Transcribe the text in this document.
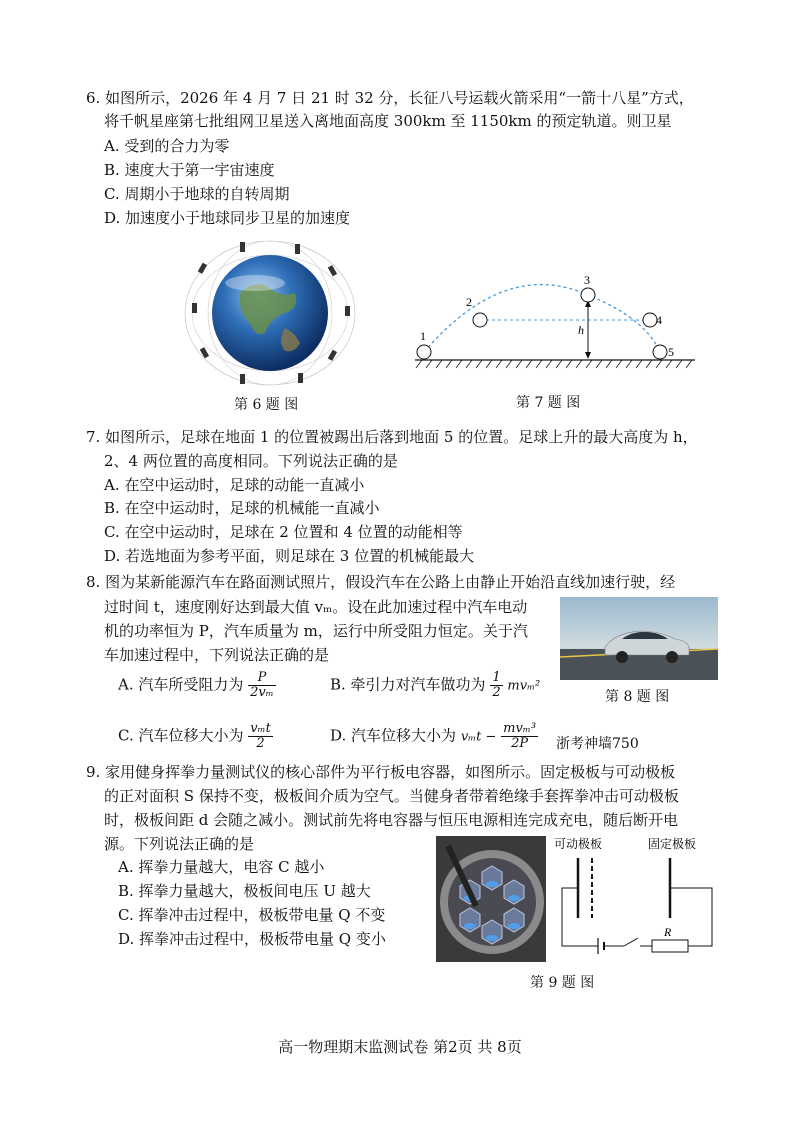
6. 如图所示，2026 年 4 月 7 日 21 时 32 分，长征八号运载火箭采用“一箭十八星”方式，
将千帆星座第七批组网卫星送入离地面高度 300km 至 1150km 的预定轨道。则卫星
A. 受到的合力为零
B. 速度大于第一宇宙速度
C. 周期小于地球的自转周期
D. 加速度小于地球同步卫星的加速度
第 6 题 图
1
2
3
4
5
h
第 7 题 图
7. 如图所示，足球在地面 1 的位置被踢出后落到地面 5 的位置。足球上升的最大高度为 h，
2、4 两位置的高度相同。下列说法正确的是
A. 在空中运动时，足球的动能一直减小
B. 在空中运动时，足球的机械能一直减小
C. 在空中运动时，足球在 2 位置和 4 位置的动能相等
D. 若选地面为参考平面，则足球在 3 位置的机械能最大
8. 图为某新能源汽车在路面测试照片，假设汽车在公路上由静止开始沿直线加速行驶，经
过时间 t，速度刚好达到最大值 vₘ。设在此加速过程中汽车电动
机的功率恒为 P，汽车质量为 m，运行中所受阻力恒定。关于汽
车加速过程中，下列说法正确的是
第 8 题 图
A. 汽车所受阻力为 $\frac{P}{\text{2vₘ}}$	B. 牵引力对汽车做功为 $\frac{1}{2} mv_m^2$
C. 汽车位移大小为 $\frac{\text{vₘt}}{2}$	D. 汽车位移大小为 $v_mt - \frac{\text{mvₘ³}}{2P}$ 浙考神墙750
9. 家用健身挥拳力量测试仪的核心部件为平行板电容器，如图所示。固定极板与可动极板
的正对面积 S 保持不变，极板间介质为空气。当健身者带着绝缘手套挥拳冲击可动极板
时，极板间距 d 会随之减小。测试前先将电容器与恒压电源相连完成充电，随后断开电
源。下列说法正确的是
A. 挥拳力量越大，电容 C 越小
B. 挥拳力量越大，极板间电压 U 越大
C. 挥拳冲击过程中，极板带电量 Q 不变
D. 挥拳冲击过程中，极板带电量 Q 变小
可动极板	固定极板
R
第 9 题 图
高一物理期末监测试卷 第2页 共 8页
